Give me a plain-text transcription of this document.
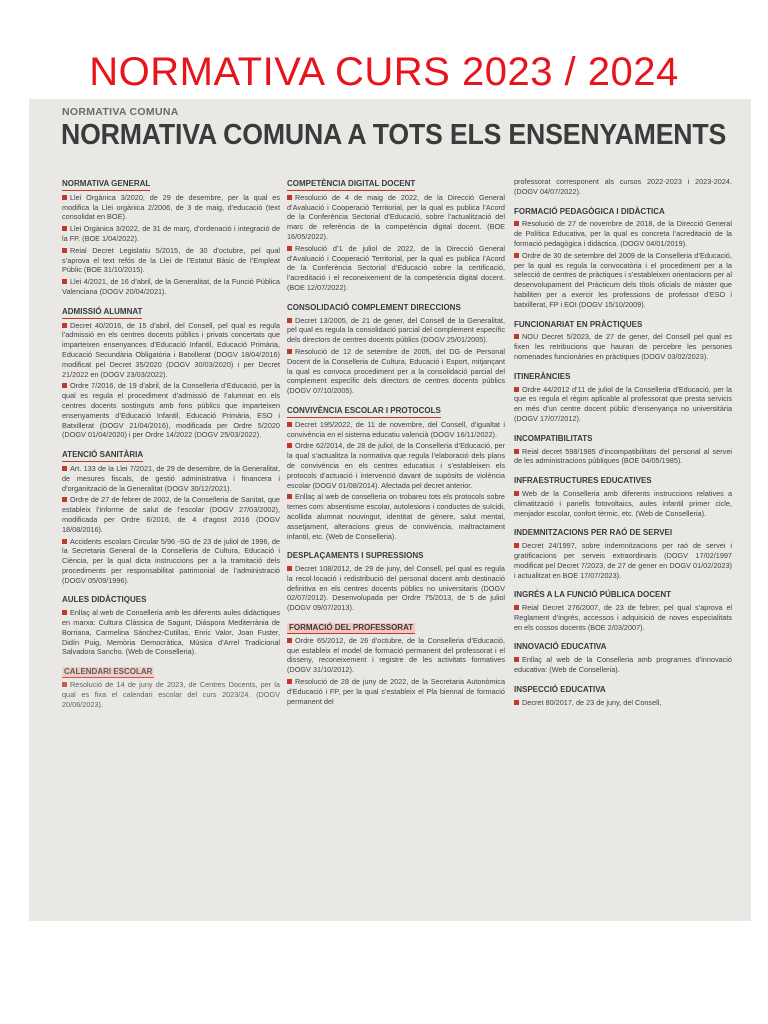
NORMATIVA CURS 2023 / 2024
NORMATIVA COMUNA
NORMATIVA COMUNA A TOTS ELS ENSENYAMENTS
NORMATIVA GENERAL
Llei Orgànica 3/2020, de 29 de desembre, per la qual es modifica la Llei orgànica 2/2006, de 3 de maig, d’educació (text consolidat en BOE).
Llei Orgànica 3/2022, de 31 de març, d’ordenació i integració de la FP. (BOE 1/04/2022).
Reial Decret Legislatiu 5/2015, de 30 d’octubre, pel qual s’aprova el text refós de la Llei de l’Estatut Bàsic de l’Empleat Públic (BOE 31/10/2015).
Llei 4/2021, de 16 d’abril, de la Generalitat, de la Funció Pública Valenciana (DOGV 20/04/2021).
ADMISSIÓ ALUMNAT
Decret 40/2016, de 15 d’abril, del Consell, pel qual es regula l’admissió en els centres docents públics i privats concertats que imparteixen ensenyances d’Educació Infantil, Educació Primària, Educació Secundària Obligatòria i Batxillerat (DOGV 18/04/2016) modificat pel Decret 35/2020 (DOGV 30/03/2020) i per Decret 21/2022 en (DOGV 23/03/2022).
Ordre 7/2016, de 19 d’abril, de la Conselleria d’Educació, per la qual es regula el procediment d’admissió de l’alumnat en els centres docents sostinguts amb fons públics que imparteixen ensenyaments d’Educació Infantil, Educació Primària, ESO i Batxillerat (DOGV 21/04/2016), modificada per Ordre 5/2020 (DOGV 01/04/2020) i per Ordre 14/2022 (DOGV 25/03/2022).
ATENCIÓ SANITÀRIA
Art. 133 de la Llei 7/2021, de 29 de desembre, de la Generalitat, de mesures fiscals, de gestió administrativa i financera i d’organització de la Generalitat (DOGV 30/12/2021).
Ordre de 27 de febrer de 2002, de la Conselleria de Sanitat, que estableix l’informe de salut de l’escolar (DOGV 27/03/2002), modificada per Ordre 6/2016, de 4 d’agost 2016 (DOGV 18/08/2016).
Accidents escolars Circular 5/96 -SG de 23 de juliol de 1996, de la Secretaria General de la Conselleria de Cultura, Educació i Ciència, per la qual dicta instruccions per a la tramitació dels procediments per responsabilitat patrimonial de l’administració (DOGV 05/09/1996).
AULES DIDÀCTIQUES
Enllaç al web de Conselleria amb les diferents aules didàctiques en marxa: Cultura Clàssica de Sagunt, Diàspora Mediterrània de Borriana, Carmelina Sánchez-Cutillas, Enric Valor, Joan Fuster, Didín Puig, Memòria Democràtica, Música d’Arrel Tradicional Salvadora Sancho. (Web de Conselleria).
CALENDARI ESCOLAR
Resolució de 14 de juny de 2023, de Centres Docents, per la qual es fixa el calendari escolar del curs 2023/24. (DOGV 20/06/2023).
COMPETÈNCIA DIGITAL DOCENT
Resolució de 4 de maig de 2022, de la Direcció General d’Avaluació i Cooperació Territorial, per la qual es publica l’Acord de la Conferència Sectorial d’Educació, sobre l’actualització del marc de referència de la competència digital docent. (BOE 16/05/2022).
Resolució d’1 de juliol de 2022, de la Direcció General d’Avaluació i Cooperació Territorial, per la qual es publica l’Acord de la Conferència Sectorial d’Educació sobre la certificació, l’acreditació i el reconeixement de la competència digital docent. (BOE 12/07/2022).
CONSOLIDACIÓ COMPLEMENT DIRECCIONS
Decret 13/2005, de 21 de gener, del Consell de la Generalitat, pel qual es regula la consolidació parcial del complement específic dels directors de centres docents públics (DOGV 25/01/2005).
Resolució de 12 de setembre de 2005, del DG de Personal Docent de la Conselleria de Cultura, Educació i Esport, mitjançant la qual es convoca procediment per a la consolidació parcial del complement específic dels directors de centres docents públics (DOGV 07/10/2005).
CONVIVÈNCIA ESCOLAR I PROTOCOLS
Decret 195/2022, de 11 de novembre, del Consell, d’igualtat i convivència en el sistema educatiu valencià (DOGV 16/11/2022).
Ordre 62/2014, de 28 de juliol, de la Conselleria d’Educació, per la qual s’actualitza la normativa que regula l’elaboració dels plans de convivència en els centres educatius i s’estableixen els protocols d’actuació i intervenció davant de supòsits de violència escolar (DOGV 01/08/2014). Afectada pel decret anterior.
Enllaç al web de conselleria on trobareu tots els protocols sobre temes com: absentisme escolar, autolesions i conductes de suïcidi, acollida alumnat nouvingut, identitat de gènere, salut mental, assetjament, alteracions greus de convivència, maltractament infantil, etc. (Web de Conselleria).
DESPLAÇAMENTS I SUPRESSIONS
Decret 108/2012, de 29 de juny, del Consell, pel qual es regula la recol·locació i redistribució del personal docent amb destinació definitiva en els centres docents públics no universitaris (DOGV 02/07/2012). Desenvolupada per Ordre 75/2013, de 5 de juliol (DOGV 09/07/2013).
FORMACIÓ DEL PROFESSORAT
Ordre 65/2012, de 26 d’octubre, de la Conselleria d’Educació, que estableix el model de formació permanent del professorat i el disseny, reconeixement i registre de les activitats formatives (DOGV 31/10/2012).
Resolució de 28 de juny de 2022, de la Secretaria Autonòmica d’Educació i FP, per la qual s’estableix el Pla biennal de formació permanent del
professorat corresponent als cursos 2022-2023 i 2023-2024. (DOGV 04/07/2022).
FORMACIÓ PEDAGÒGICA I DIDÀCTICA
Resolució de 27 de novembre de 2018, de la Direcció General de Política Educativa, per la qual es concreta l’acreditació de la formació pedagògica i didàctica. (DOGV 04/01/2019).
Ordre de 30 de setembre del 2009 de la Conselleria d’Educació, per la qual es regula la convocatòria i el procediment per a la selecció de centres de pràctiques i s’estableixen orientacions per al desenvolupament del Pràcticum dels títols oficials de màster que habiliten per a exercir les professions de professor d’ESO i batxillerat, FP i EOI (DOGV 15/10/2009).
FUNCIONARIAT EN PRÀCTIQUES
NOU Decret 5/2023, de 27 de gener, del Consell pel qual es fixen les retribucions que hauran de percebre les persones nomenades funcionàries en pràctiques (DOGV 03/02/2023).
ITINERÀNCIES
Ordre 44/2012 d’11 de juliol de la Conselleria d’Educació, per la que es regula el règim aplicable al professorat que presta servicis en més d’un centre docent públic d’ensenyança no universitària (DOGV 17/07/2012).
INCOMPATIBILITATS
Reial decret 598/1985 d’incompatibilitats del personal al servei de les administracions públiques (BOE 04/05/1985).
INFRAESTRUCTURES EDUCATIVES
Web de la Conselleria amb diferents instruccions relatives a climatització i panells fotovoltaics, aules infantil primer cicle, menjador escolar, confort tèrmic, etc. (Web de Conselleria).
INDEMNITZACIONS PER RAÓ DE SERVEI
Decret 24/1997, sobre indemnitzacions per raó de servei i gratificacions per serveis extraordinaris (DOGV 17/02/1997 modificat pel Decret 7/2023, de 27 de gener en DOGV 01/02/2023) i actualitzat en BOE 17/07/2023).
INGRÉS A LA FUNCIÓ PÚBLICA DOCENT
Reial Decret 276/2007, de 23 de febrer, pel qual s’aprova el Reglament d’ingrés, accessos i adquisició de noves especialitats en els cossos docents (BOE 2/03/2007).
INNOVACIÓ EDUCATIVA
Enllaç al web de la Conselleria amb programes d’innovació educativa: (Web de Conselleria).
INSPECCIÓ EDUCATIVA
Decret 80/2017, de 23 de juny, del Consell,
